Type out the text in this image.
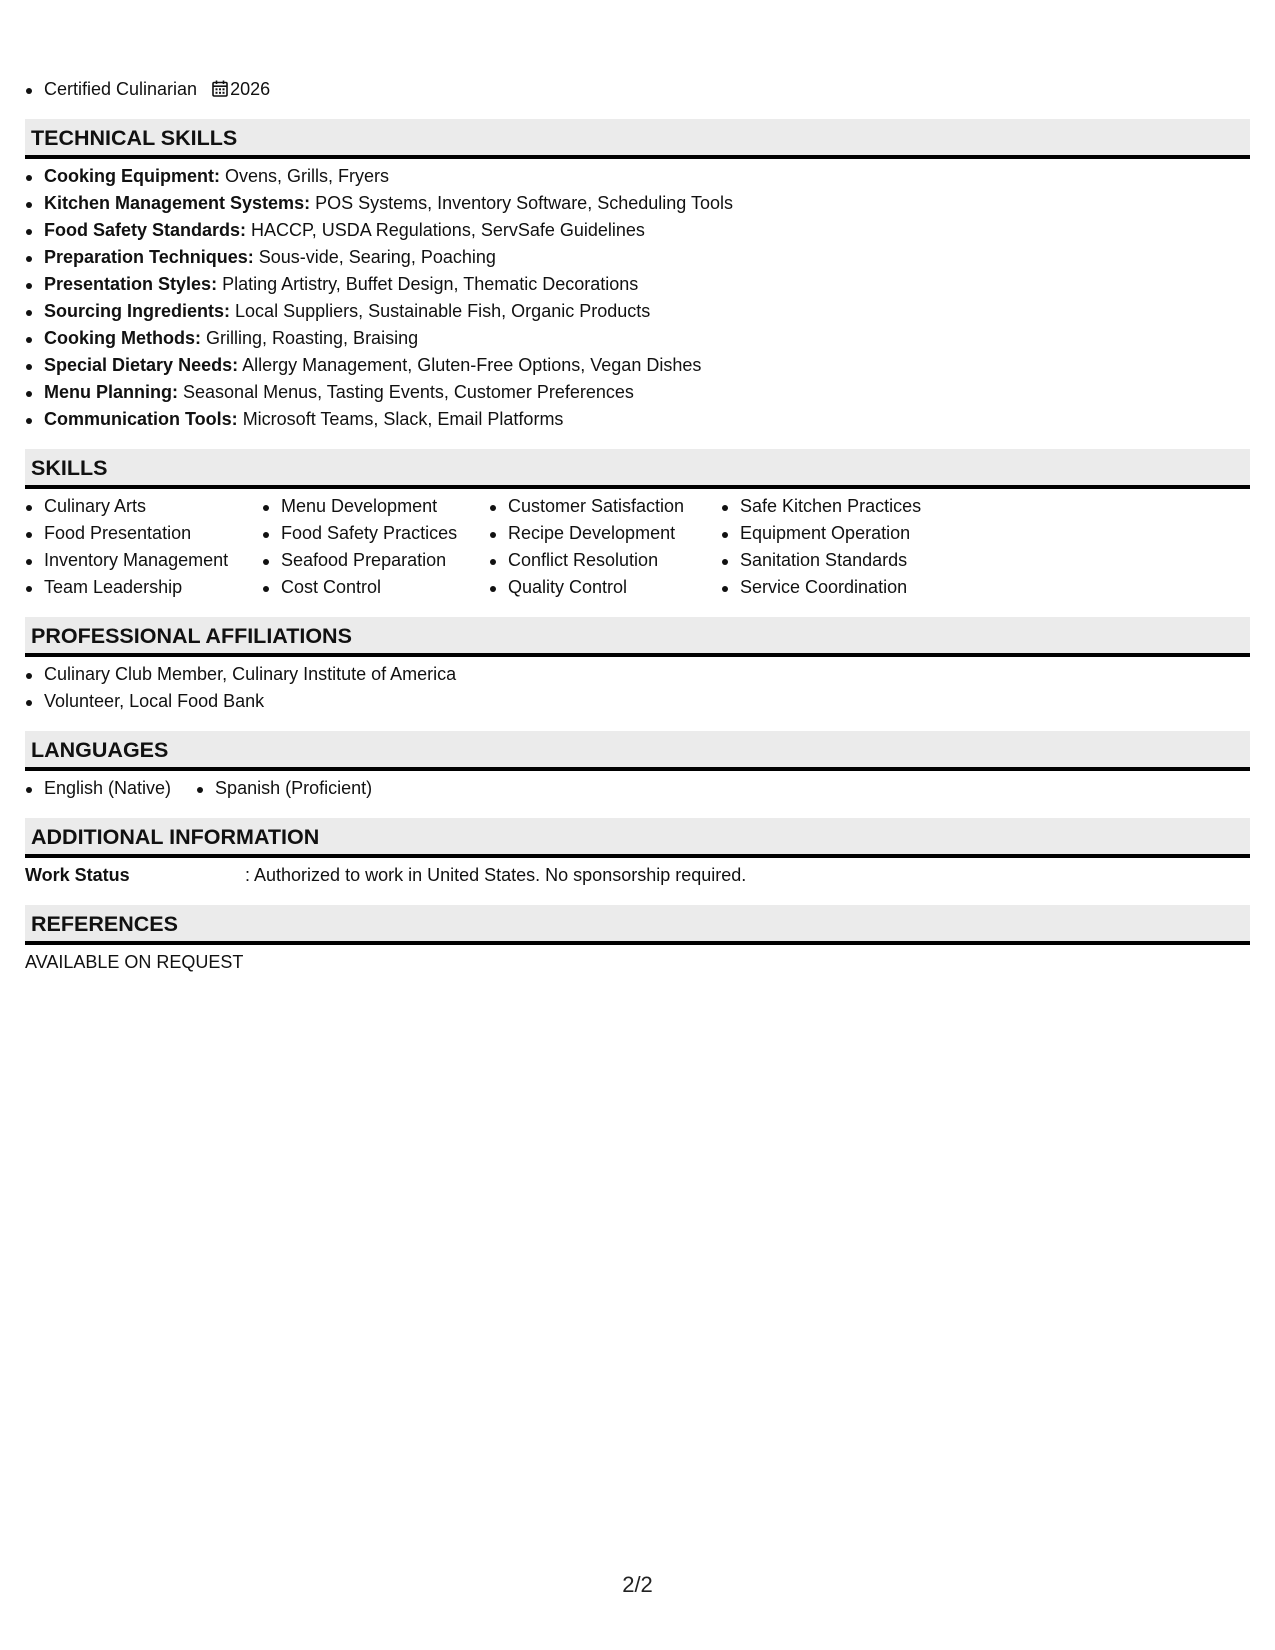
Certified Culinarian 2026
TECHNICAL SKILLS
Cooking Equipment: Ovens, Grills, Fryers
Kitchen Management Systems: POS Systems, Inventory Software, Scheduling Tools
Food Safety Standards: HACCP, USDA Regulations, ServSafe Guidelines
Preparation Techniques: Sous-vide, Searing, Poaching
Presentation Styles: Plating Artistry, Buffet Design, Thematic Decorations
Sourcing Ingredients: Local Suppliers, Sustainable Fish, Organic Products
Cooking Methods: Grilling, Roasting, Braising
Special Dietary Needs: Allergy Management, Gluten-Free Options, Vegan Dishes
Menu Planning: Seasonal Menus, Tasting Events, Customer Preferences
Communication Tools: Microsoft Teams, Slack, Email Platforms
SKILLS
Culinary Arts
Food Presentation
Inventory Management
Team Leadership
Menu Development
Food Safety Practices
Seafood Preparation
Cost Control
Customer Satisfaction
Recipe Development
Conflict Resolution
Quality Control
Safe Kitchen Practices
Equipment Operation
Sanitation Standards
Service Coordination
PROFESSIONAL AFFILIATIONS
Culinary Club Member, Culinary Institute of America
Volunteer, Local Food Bank
LANGUAGES
English (Native)	Spanish (Proficient)
ADDITIONAL INFORMATION
Work Status	: Authorized to work in United States. No sponsorship required.
REFERENCES
AVAILABLE ON REQUEST
2/2
